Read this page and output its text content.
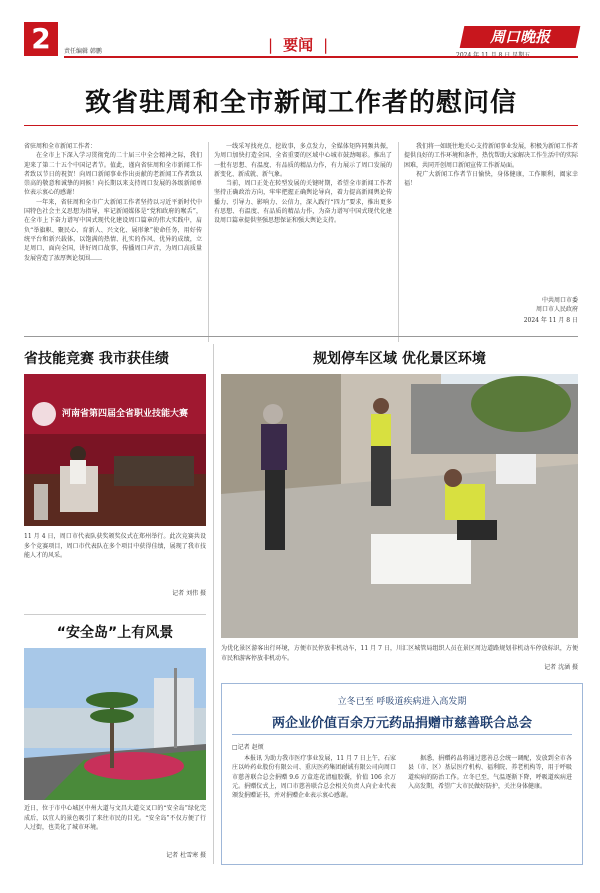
2	责任编辑 韩鹏
|	要闻 |	周口晚报
致省驻周和全市新闻工作者的慰问信

省驻周和全市新闻工作者：

在全市上下深入学习贯彻党的二十届三中全会精神之际，我们迎来了第二十五个中国记者节。值此，谨向省驻周和全市新闻工作者致以节日的祝贺！向周口新闻事业作出贡献的老新闻工作者致以崇高的敬意和诚挚的问候！向长期以来支持周口发展的各级新闻单位表示衷心的感谢！

一年来，省驻周和全市广大新闻工作者坚持以习近平新时代中国特色社会主义思想为指导，牢记新闻媒体是“党和政府的喉舌”，在全市上下奋力谱写中国式现代化建设周口篇章的伟大实践中，肩负“举旗帜、聚民心、育新人、兴文化、展形象”使命任务，用好传统平台和新兴载体，以饱满的热情、扎实的作风、优异的成绩，立足周口、面向全国，讲好周口故事，传播周口声音，为周口高质量发展营造了浓厚舆论氛围……

一线采写找亮点、挖故事，多点发力，全媒体矩阵同频共振，为周口加快打造全国、全省重要的区域中心城市鼓劲喝彩。推出了一批有思想、有温度、有品质的精品力作，有力展示了周口发展的新变化、新成就、新气象。

当前，周口正处在转型发展的关键时期，希望全市新闻工作者坚持正确政治方向，牢牢把握正确舆论导向，着力提高新闻舆论传播力、引导力、影响力、公信力，深入践行“四力”要求，推出更多有思想、有温度、有品质的精品力作，为奋力谱写中国式现代化建设周口篇章提供坚强思想保证和强大舆论支持。

我们将一如既往地关心支持新闻事业发展，积极为新闻工作者提供良好的工作环境和条件，热忱帮助大家解决工作生活中的实际困难，共同开创周口新闻宣传工作新局面。

祝广大新闻工作者节日愉快，身体健康，工作顺利，阖家幸福！

中共周口市委
周口市人民政府
2024 年 11 月 8 日
省技能竞赛 我市获佳绩
河南省第四届全省职业技能大赛
11 月 4 日，周口市代表队获奖颁奖仪式在郑州举行。此次竞赛共设多个竞赛项目，周口市代表队在多个项目中获得佳绩，展现了我市技能人才的风采。
记者 刘伟 摄
“安全岛”上有风景
近日，位于市中心城区中州大道与文昌大道交叉口的“安全岛”绿化完成后，以宜人的景色吸引了来往市民的目光。“安全岛”不仅方便了行人过街，也美化了城市环境。
记者 杜雪寒 摄
规划停车区域 优化景区环境
为优化景区游客出行环境，方便市民停放非机动车，11 月 7 日，川汇区城管局组织人员在景区周边道路规划非机动车停放标识，方便市民和游客停放非机动车。
记者 沈涵 摄
立冬已至 呼吸道疾病进入高发期
两企业价值百余万元药品捐赠市慈善联合总会
□记者 赵烦

本报讯 为助力我市医疗事业发展，11 月 7 日上午，石家庄以岭药业股份有限公司、重庆医药集团耐诚有限公司向周口市慈善联合总会捐赠 9.6 万盒连花清瘟胶囊，价值 106 余万元。捐赠仪式上，周口市慈善联合总会相关负责人向企业代表颁发捐赠证书，并对捐赠企业表示衷心感谢。

据悉，捐赠药品将通过慈善总会统一调配，发放到全市各县（市、区）基层医疗机构、福利院、养老机构等，用于呼吸道疾病的防治工作。立冬已至，气温逐渐下降，呼吸道疾病进入高发期，希望广大市民做好防护，关注身体健康。
